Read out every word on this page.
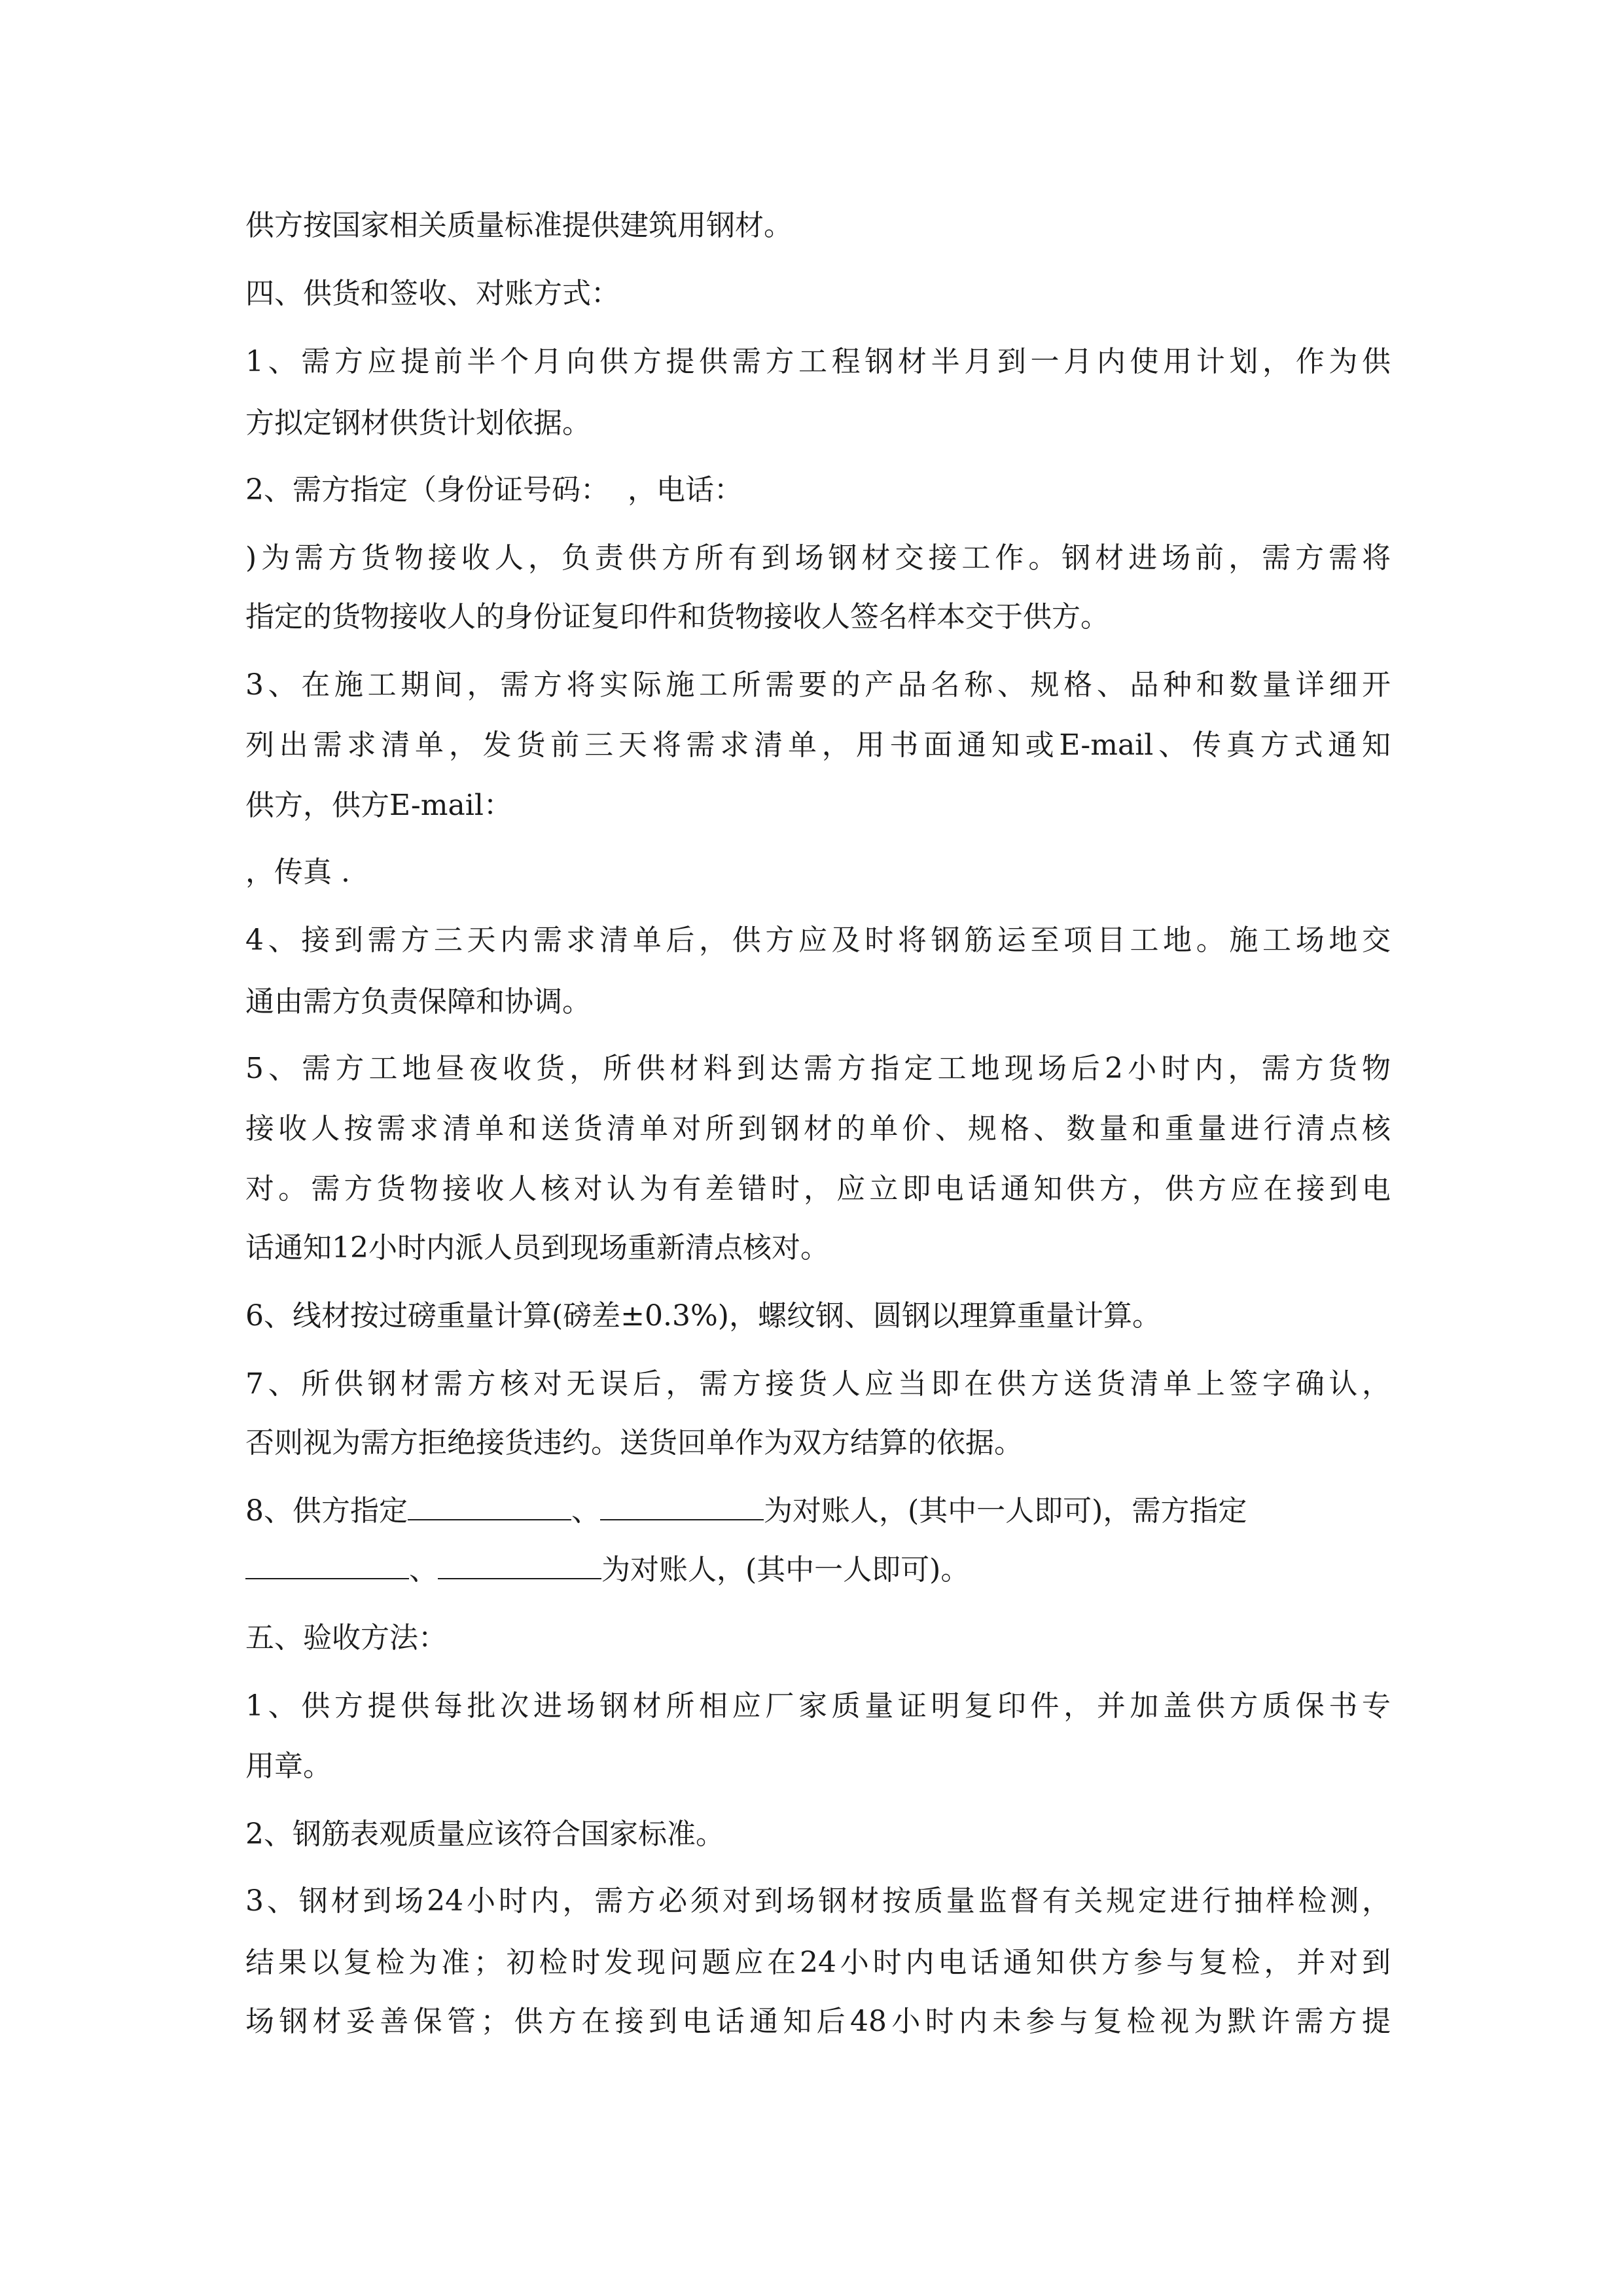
供方按国家相关质量标准提供建筑用钢材。
四、供货和签收、对账方式：
1、需方应提前半个月向供方提供需方工程钢材半月到一月内使用计划，作为供
方拟定钢材供货计划依据。
2、需方指定（身份证号码：  ，电话：
)为需方货物接收人，负责供方所有到场钢材交接工作。钢材进场前，需方需将
指定的货物接收人的身份证复印件和货物接收人签名样本交于供方。
3、在施工期间，需方将实际施工所需要的产品名称、规格、品种和数量详细开
列出需求清单，发货前三天将需求清单，用书面通知或E-mail、传真方式通知
供方，供方E-mail：
，传真 .
4、接到需方三天内需求清单后，供方应及时将钢筋运至项目工地。施工场地交
通由需方负责保障和协调。
5、需方工地昼夜收货，所供材料到达需方指定工地现场后2小时内，需方货物
接收人按需求清单和送货清单对所到钢材的单价、规格、数量和重量进行清点核
对。需方货物接收人核对认为有差错时，应立即电话通知供方，供方应在接到电
话通知12小时内派人员到现场重新清点核对。
6、线材按过磅重量计算(磅差±0.3%)，螺纹钢、圆钢以理算重量计算。
7、所供钢材需方核对无误后，需方接货人应当即在供方送货清单上签字确认，
否则视为需方拒绝接货违约。送货回单作为双方结算的依据。
8、供方指定	、	为对账人，(其中一人即可)，需方指定
、	为对账人，(其中一人即可)。
五、验收方法：
1、供方提供每批次进场钢材所相应厂家质量证明复印件，并加盖供方质保书专
用章。
2、钢筋表观质量应该符合国家标准。
3、钢材到场24小时内，需方必须对到场钢材按质量监督有关规定进行抽样检测，
结果以复检为准；初检时发现问题应在24小时内电话通知供方参与复检，并对到
场钢材妥善保管；供方在接到电话通知后48小时内未参与复检视为默许需方提
